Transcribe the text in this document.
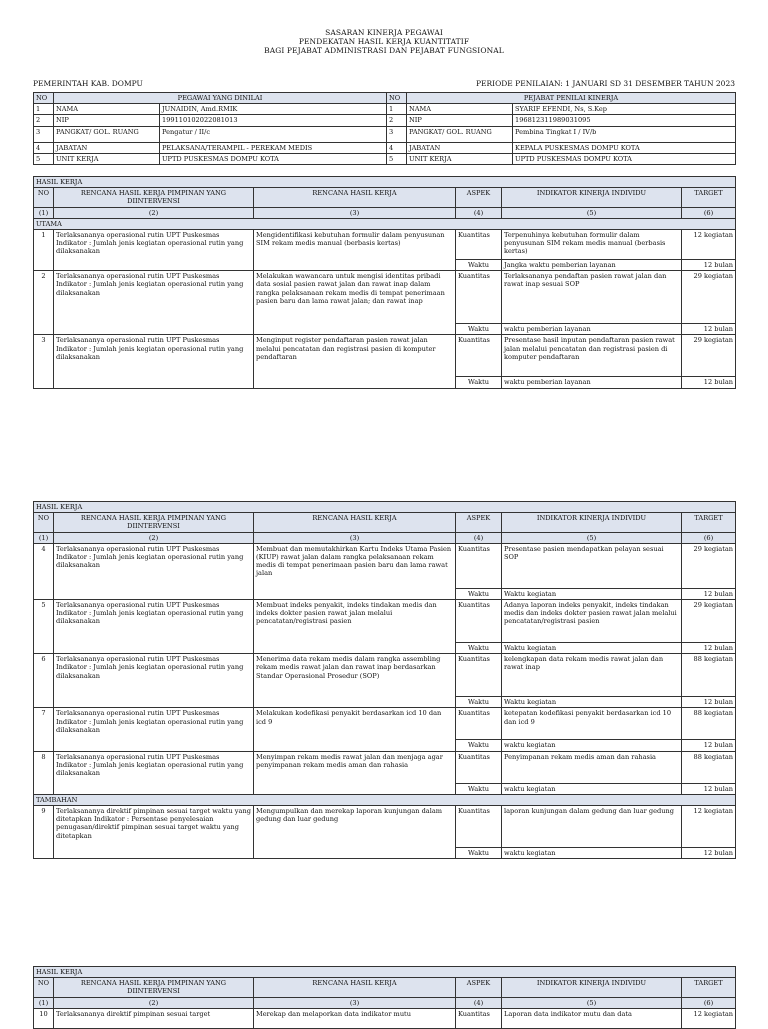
SASARAN KINERJA PEGAWAI
PENDEKATAN HASIL KERJA KUANTITATIF
BAGI PEJABAT ADMINISTRASI DAN PEJABAT FUNGSIONAL
PEMERINTAH KAB. DOMPU	PERIODE PENILAIAN: 1 JANUARI SD 31 DESEMBER TAHUN 2023
NO	PEGAWAI YANG DINILAI		NO	PEJABAT PENILAI KINERJA	
1	NAMA	JUNAIDIN, Amd.RMIK	1	NAMA	SYARIF EFENDI, Ns, S.Kep
2	NIP	199110102022081013	2	NIP	196812311989031095
3	PANGKAT/ GOL. RUANG	Pengatur / II/c	3	PANGKAT/ GOL. RUANG	Pembina Tingkat I / IV/b
4	JABATAN	PELAKSANA/TERAMPIL - PEREKAM MEDIS	4	JABATAN	KEPALA PUSKESMAS DOMPU KOTA
5	UNIT KERJA	UPTD PUSKESMAS DOMPU KOTA	5	UNIT KERJA	UPTD PUSKESMAS DOMPU KOTA
HASIL KERJA					
NO	RENCANA HASIL KERJA PIMPINAN YANG DIINTERVENSI	RENCANA HASIL KERJA	ASPEK	INDIKATOR KINERJA INDIVIDU	TARGET
(1)	(2)	(3)	(4)	(5)	(6)
UTAMA					
1	Terlaksananya operasional rutin UPT Puskesmas Indikator : Jumlah jenis kegiatan operasional rutin yang dilaksanakan	Mengidentifikasi kebutuhan formulir dalam penyusunan SIM rekam medis manual (berbasis kertas)	Kuantitas	Terpenuhinya kebutuhan formulir dalam penyusunan SIM rekam medis manual (berbasis kertas)	12 kegiatan
			Waktu	Jangka waktu pemberian layanan	12 bulan
2	Terlaksananya operasional rutin UPT Puskesmas Indikator : Jumlah jenis kegiatan operasional rutin yang dilaksanakan	Melakukan wawancara untuk mengisi identitas pribadi data sosial pasien rawat jalan dan rawat inap dalam rangka pelaksanaan rekam medis di tempat penerimaan pasien baru dan lama rawat jalan; dan rawat inap	Kuantitas	Terlaksananya pendaftan pasien rawat jalan dan rawat inap sesuai SOP	29 kegiatan
			Waktu	waktu pemberian layanan	12 bulan
3	Terlaksananya operasional rutin UPT Puskesmas Indikator : Jumlah jenis kegiatan operasional rutin yang dilaksanakan	Menginput register pendaftaran pasien rawat jalan melalui pencatatan dan registrasi pasien di komputer pendaftaran	Kuantitas	Presentase hasil inputan pendaftaran pasien rawat jalan melalui pencatatan dan registrasi pasien di komputer pendaftaran	29 kegiatan
			Waktu	waktu pemberian layanan	12 bulan
HASIL KERJA					
NO	RENCANA HASIL KERJA PIMPINAN YANG DIINTERVENSI	RENCANA HASIL KERJA	ASPEK	INDIKATOR KINERJA INDIVIDU	TARGET
(1)	(2)	(3)	(4)	(5)	(6)
4	Terlaksananya operasional rutin UPT Puskesmas Indikator : Jumlah jenis kegiatan operasional rutin yang dilaksanakan	Membuat dan memutakhirkan Kartu Indeks Utama Pasien (KIUP) rawat jalan dalam rangka pelaksanaan rekam medis di tempat penerimaan pasien baru dan lama rawat jalan	Kuantitas	Presentase pasien mendapatkan pelayan sesuai SOP	29 kegiatan
			Waktu	Waktu kegiatan	12 bulan
5	Terlaksananya operasional rutin UPT Puskesmas Indikator : Jumlah jenis kegiatan operasional rutin yang dilaksanakan	Membuat indeks penyakit, indeks tindakan medis dan indeks dokter pasien rawat jalan melalui pencatatan/registrasi pasien	Kuantitas	Adanya laporan indeks penyakit, indeks tindakan medis dan indeks dokter pasien rawat jalan melalui pencatatan/registrasi pasien	29 kegiatan
			Waktu	Waktu kegiatan	12 bulan
6	Terlaksananya operasional rutin UPT Puskesmas Indikator : Jumlah jenis kegiatan operasional rutin yang dilaksanakan	Menerima data rekam medis dalam rangka assembling rekam medis rawat jalan dan rawat inap berdasarkan Standar Operasional Prosedur (SOP)	Kuantitas	kelengkapan data rekam medis rawat jalan dan rawat inap	88 kegiatan
			Waktu	Waktu kegiatan	12 bulan
7	Terlaksananya operasional rutin UPT Puskesmas Indikator : Jumlah jenis kegiatan operasional rutin yang dilaksanakan	Melakukan kodefikasi penyakit berdasarkan icd 10 dan icd 9	Kuantitas	ketepatan kodefikasi penyakit berdasarkan icd 10 dan icd 9	88 kegiatan
			Waktu	waktu kegiatan	12 bulan
8	Terlaksananya operasional rutin UPT Puskesmas Indikator : Jumlah jenis kegiatan operasional rutin yang dilaksanakan	Menyimpan rekam medis rawat jalan dan menjaga agar penyimpanan rekam medis aman dan rahasia	Kuantitas	Penyimpanan rekam medis aman dan rahasia	88 kegiatan
			Waktu	waktu kegiatan	12 bulan
TAMBAHAN					
9	Terlaksananya direktif pimpinan sesuai target waktu yang ditetapkan Indikator : Persentase penyelesaian penugasan/direktif pimpinan sesuai target waktu yang ditetapkan	Mengumpulkan dan merekap laporan kunjungan dalam gedung dan luar gedung	Kuantitas	laporan kunjungan dalam gedung dan luar gedung	12 kegiatan
			Waktu	waktu kegiatan	12 bulan
HASIL KERJA					
NO	RENCANA HASIL KERJA PIMPINAN YANG DIINTERVENSI	RENCANA HASIL KERJA	ASPEK	INDIKATOR KINERJA INDIVIDU	TARGET
(1)	(2)	(3)	(4)	(5)	(6)
10	Terlaksananya direktif pimpinan sesuai target	Merekap dan melaporkan data indikator mutu	Kuantitas	Laporan data indikator mutu dan data	12 kegiatan
